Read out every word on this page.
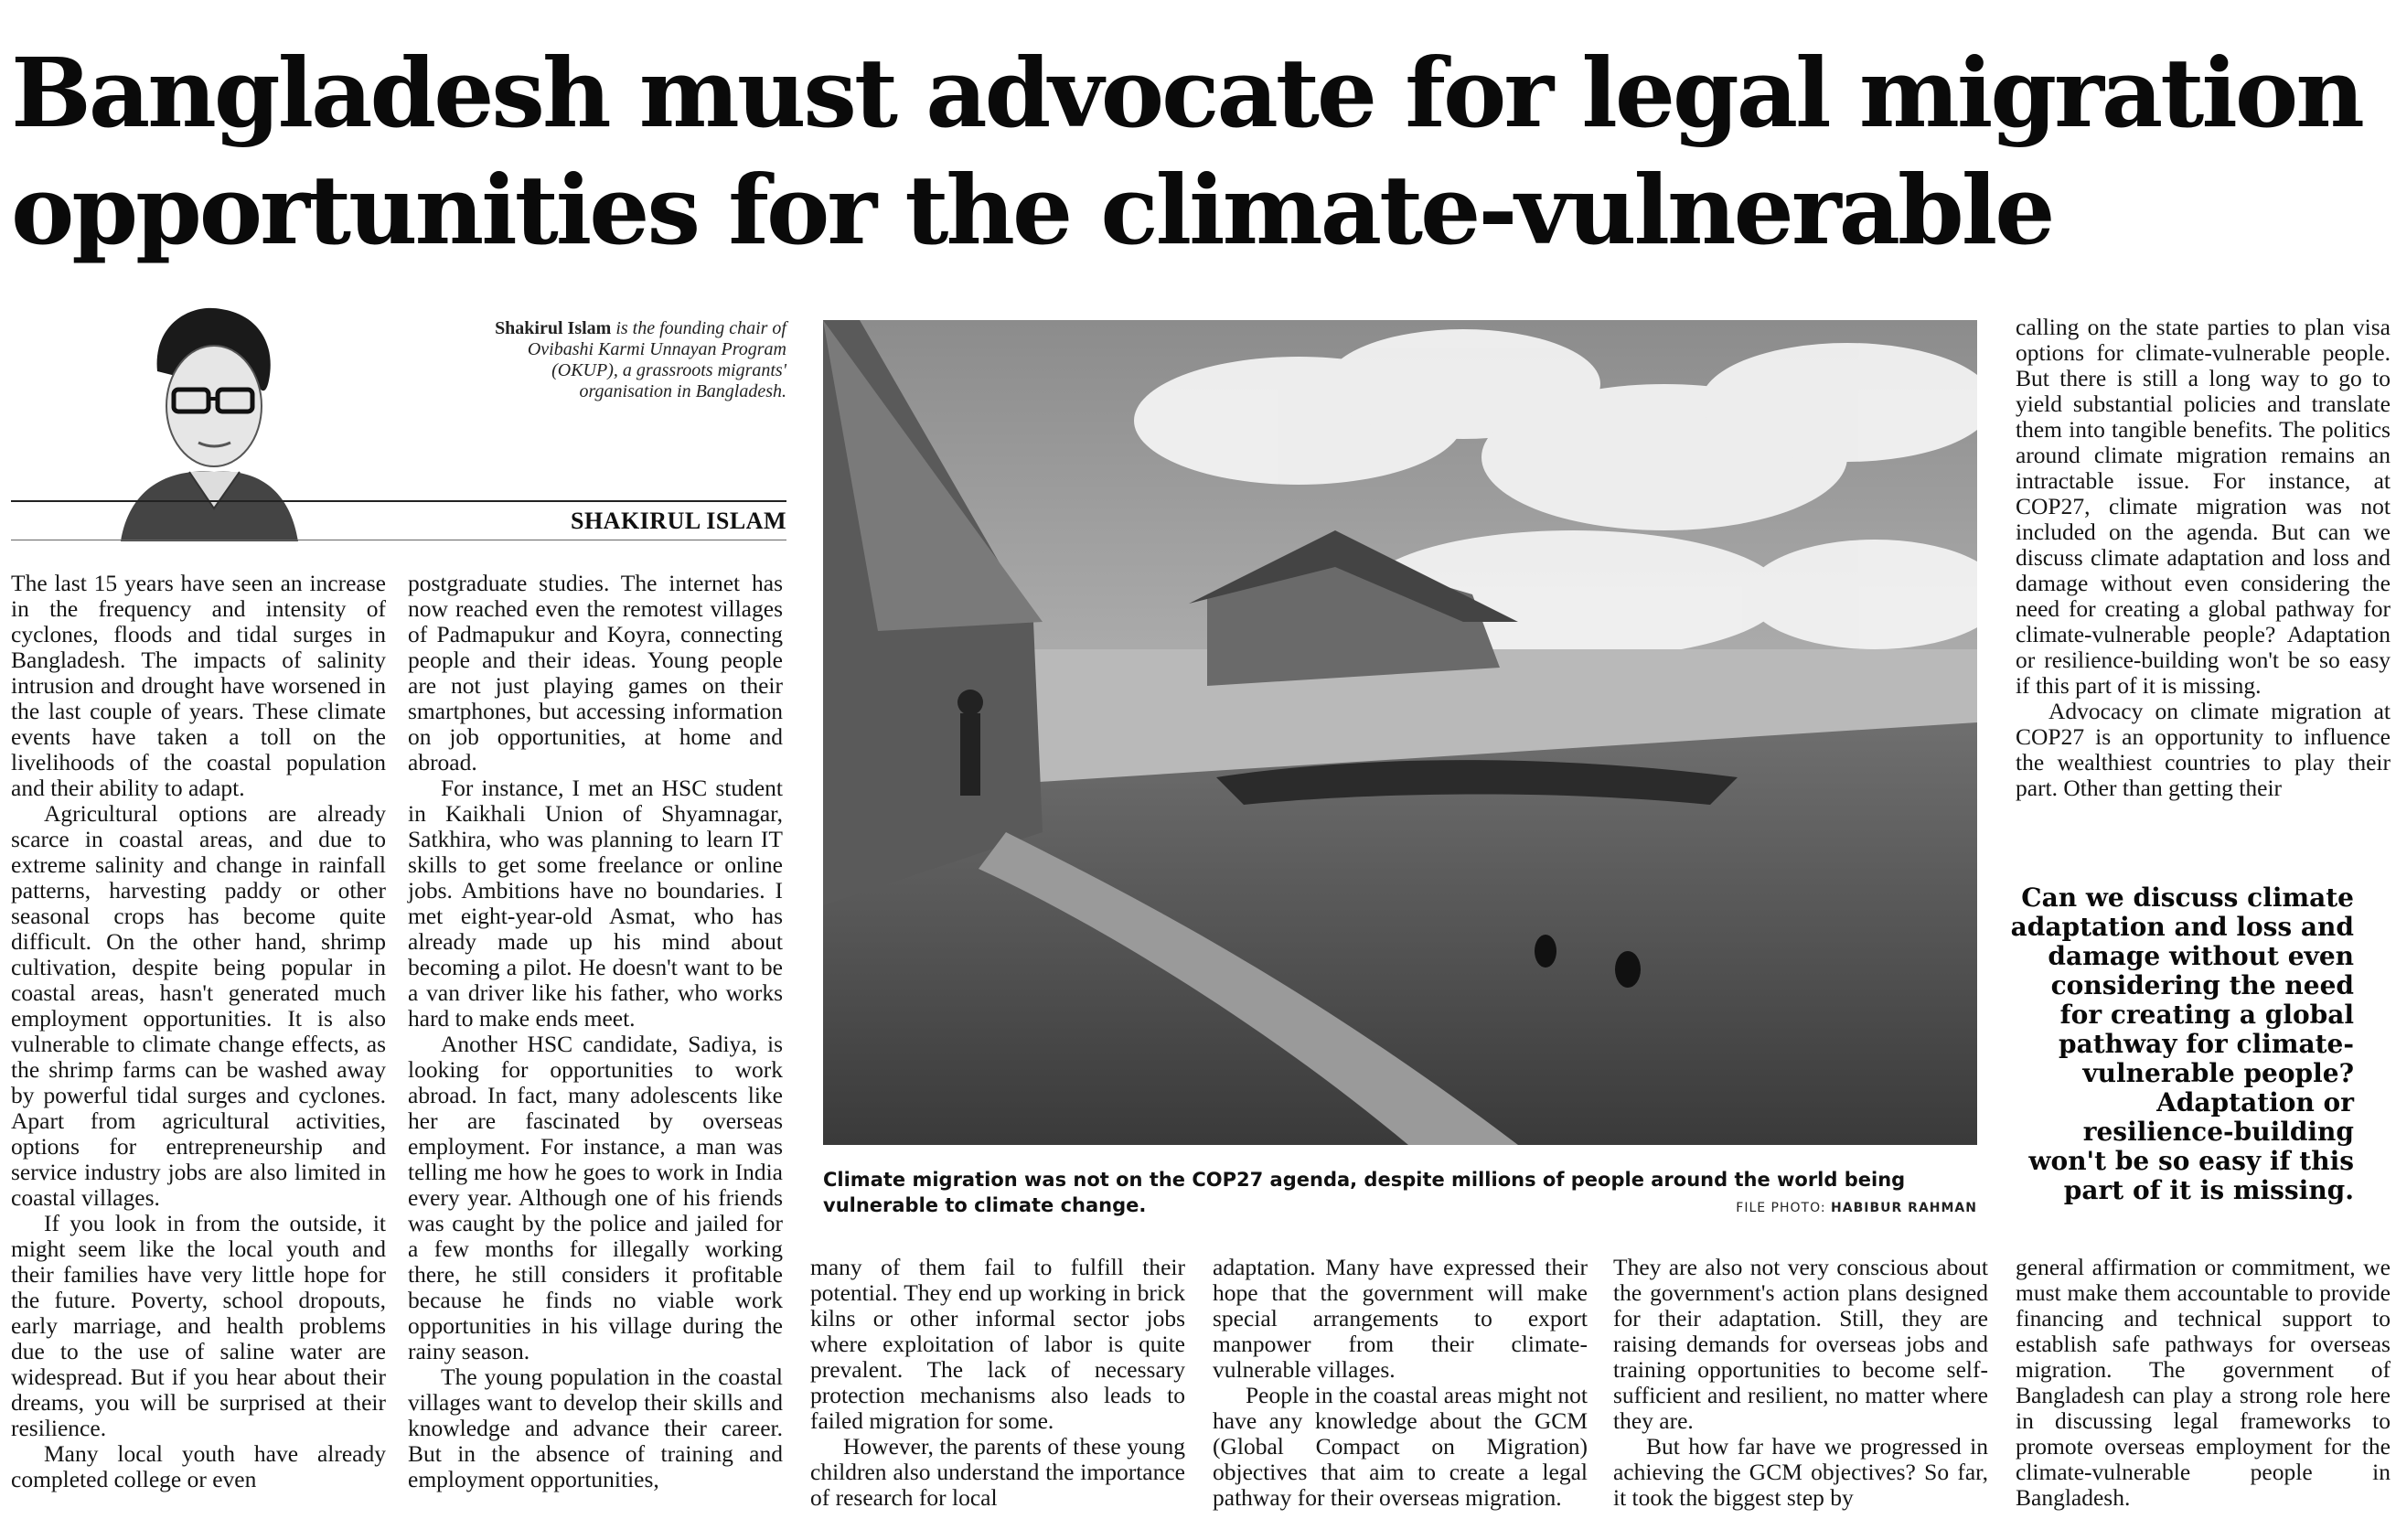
Bangladesh must advocate for legal migration opportunities for the climate-vulnerable
Shakirul Islam is the founding chair of Ovibashi Karmi Unnayan Program (OKUP), a grassroots migrants' organisation in Bangladesh.
SHAKIRUL ISLAM

The last 15 years have seen an increase in the frequency and intensity of cyclones, floods and tidal surges in Bangladesh. The impacts of salinity intrusion and drought have worsened in the last couple of years. These climate events have taken a toll on the livelihoods of the coastal population and their ability to adapt.

Agricultural options are already scarce in coastal areas, and due to extreme salinity and change in rainfall patterns, harvesting paddy or other seasonal crops has become quite difficult. On the other hand, shrimp cultivation, despite being popular in coastal areas, hasn't generated much employment opportunities. It is also vulnerable to climate change effects, as the shrimp farms can be washed away by powerful tidal surges and cyclones. Apart from agricultural activities, options for entrepreneurship and service industry jobs are also limited in coastal villages.

If you look in from the outside, it might seem like the local youth and their families have very little hope for the future. Poverty, school dropouts, early marriage, and health problems due to the use of saline water are widespread. But if you hear about their dreams, you will be surprised at their resilience.

Many local youth have already completed college or even

postgraduate studies. The internet has now reached even the remotest villages of Padmapukur and Koyra, connecting people and their ideas. Young people are not just playing games on their smartphones, but accessing information on job opportunities, at home and abroad.

For instance, I met an HSC student in Kaikhali Union of Shyamnagar, Satkhira, who was planning to learn IT skills to get some freelance or online jobs. Ambitions have no boundaries. I met eight-year-old Asmat, who has already made up his mind about becoming a pilot. He doesn't want to be a van driver like his father, who works hard to make ends meet.

Another HSC candidate, Sadiya, is looking for opportunities to work abroad. In fact, many adolescents like her are fascinated by overseas employment. For instance, a man was telling me how he goes to work in India every year. Although one of his friends was caught by the police and jailed for a few months for illegally working there, he still considers it profitable because he finds no viable work opportunities in his village during the rainy season.

The young population in the coastal villages want to develop their skills and knowledge and advance their career. But in the absence of training and employment opportunities,

Climate migration was not on the COP27 agenda, despite millions of people around the world being vulnerable to climate change.	FILE PHOTO: HABIBUR RAHMAN

many of them fail to fulfill their potential. They end up working in brick kilns or other informal sector jobs where exploitation of labor is quite prevalent. The lack of necessary protection mechanisms also leads to failed migration for some.

However, the parents of these young children also understand the importance of research for local

adaptation. Many have expressed their hope that the government will make special arrangements to export manpower from their climate-vulnerable villages.

People in the coastal areas might not have any knowledge about the GCM (Global Compact on Migration) objectives that aim to create a legal pathway for their overseas migration.

They are also not very conscious about the government's action plans designed for their adaptation. Still, they are raising demands for overseas jobs and training opportunities to become self-sufficient and resilient, no matter where they are.

But how far have we progressed in achieving the GCM objectives? So far, it took the biggest step by

calling on the state parties to plan visa options for climate-vulnerable people. But there is still a long way to go to yield substantial policies and translate them into tangible benefits. The politics around climate migration remains an intractable issue. For instance, at COP27, climate migration was not included on the agenda. But can we discuss climate adaptation and loss and damage without even considering the need for creating a global pathway for climate-vulnerable people? Adaptation or resilience-building won't be so easy if this part of it is missing.

Advocacy on climate migration at COP27 is an opportunity to influence the wealthiest countries to play their part. Other than getting their

Can we discuss climate adaptation and loss and damage without even considering the need for creating a global pathway for climate-vulnerable people? Adaptation or resilience-building won't be so easy if this part of it is missing.

general affirmation or commitment, we must make them accountable to provide financing and technical support to establish safe pathways for overseas migration. The government of Bangladesh can play a strong role here in discussing legal frameworks to promote overseas employment for the climate-vulnerable people in Bangladesh.
